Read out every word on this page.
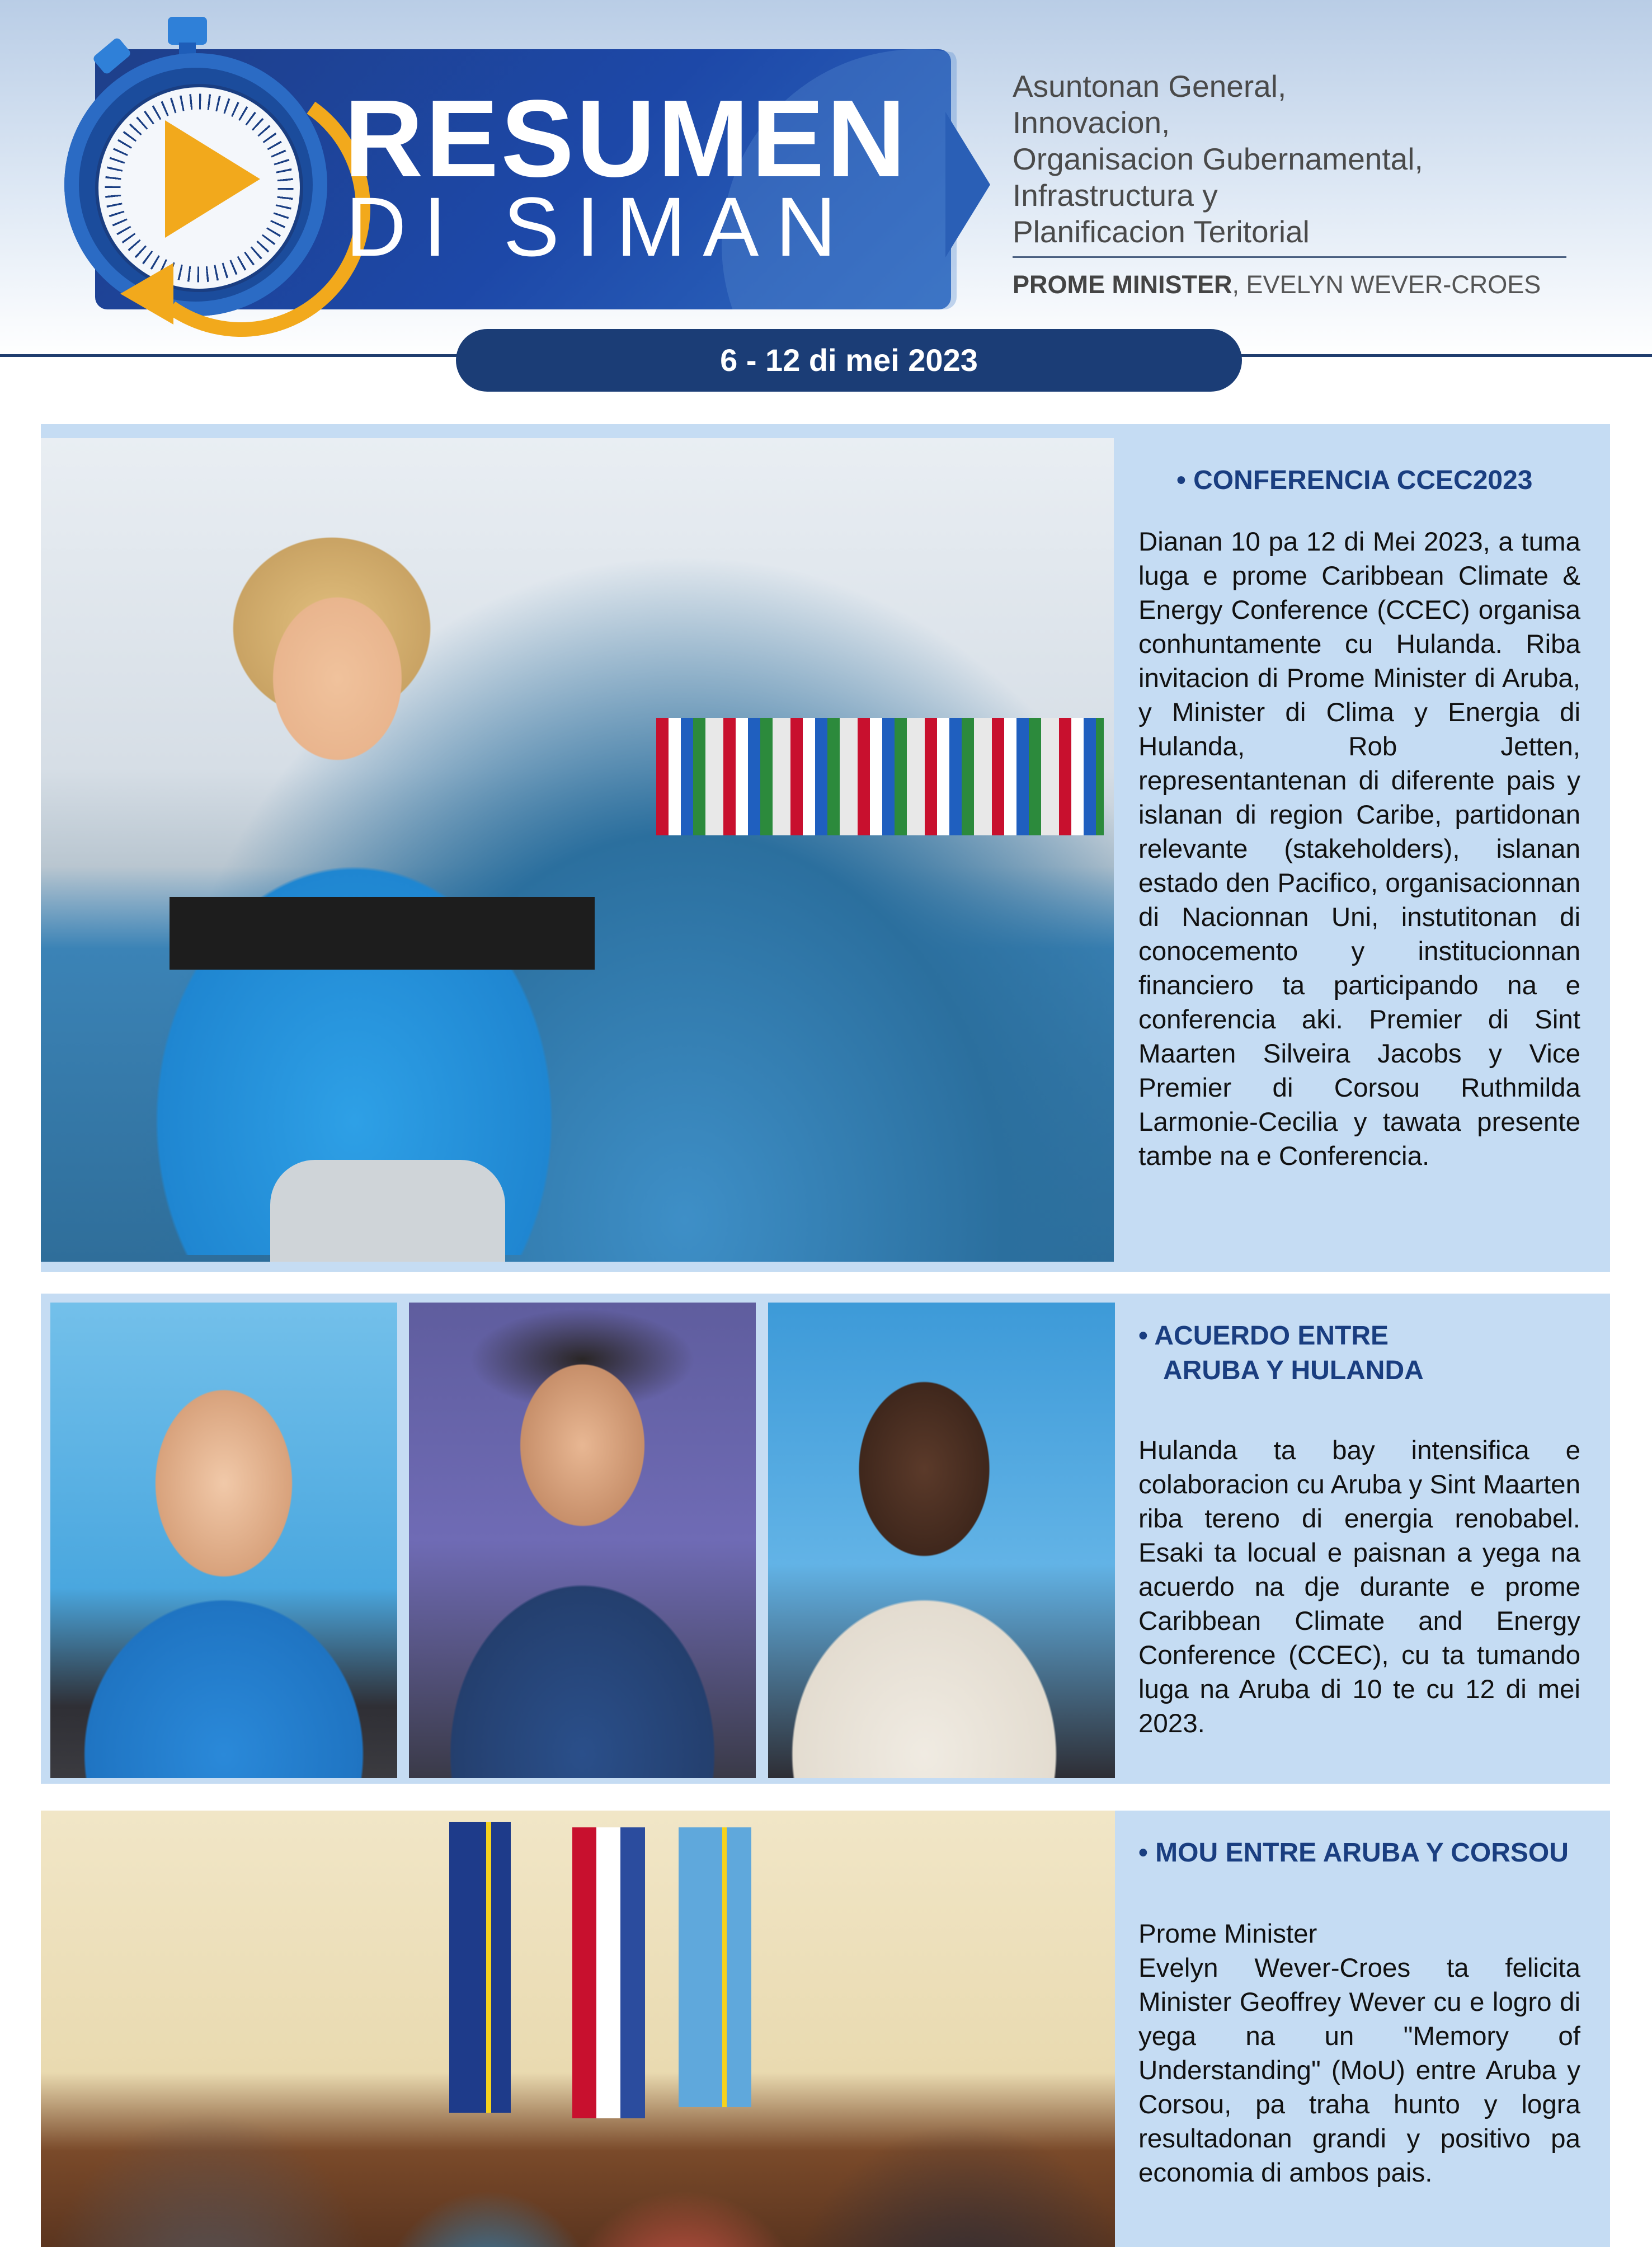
RESUMEN
DI SIMAN
Asuntonan General,
Innovacion,
Organisacion Gubernamental,
Infrastructura y
Planificacion Teritorial
PROME MINISTER, EVELYN WEVER-CROES
6 - 12 di mei 2023
• CONFERENCIA CCEC2023
Dianan 10 pa 12 di Mei 2023, a tuma luga e prome Caribbean Climate & Energy Conference (CCEC) organisa conhuntamente cu Hulanda. Riba invitacion di Prome Minister di Aruba, y Minister di Clima y Energia di Hulanda, Rob Jetten, representantenan di diferente pais y islanan di region Caribe, partidonan relevante (stakeholders), islanan estado den Pacifico, organisacionnan di Nacionnan Uni, instutitonan di conocemento y institucionnan financiero ta participando na e conferencia aki. Premier di Sint Maarten Silveira Jacobs y Vice Premier di Corsou Ruthmilda Larmonie-Cecilia y tawata presente tambe na e Conferencia.
• ACUERDO ENTRE
ARUBA Y HULANDA
Hulanda ta bay intensifica e colaboracion cu Aruba y Sint Maarten riba tereno di energia renobabel. Esaki ta locual e paisnan a yega na acuerdo na dje durante e prome Caribbean Climate and Energy Conference (CCEC), cu ta tumando luga na Aruba di 10 te cu 12 di mei 2023.
• MOU ENTRE ARUBA Y CORSOU
Prome Minister
Evelyn Wever-Croes ta felicita Minister Geoffrey Wever cu e logro di yega na un "Memory of Understanding" (MoU) entre Aruba y Corsou, pa traha hunto y logra resultadonan grandi y positivo pa economia di ambos pais.
